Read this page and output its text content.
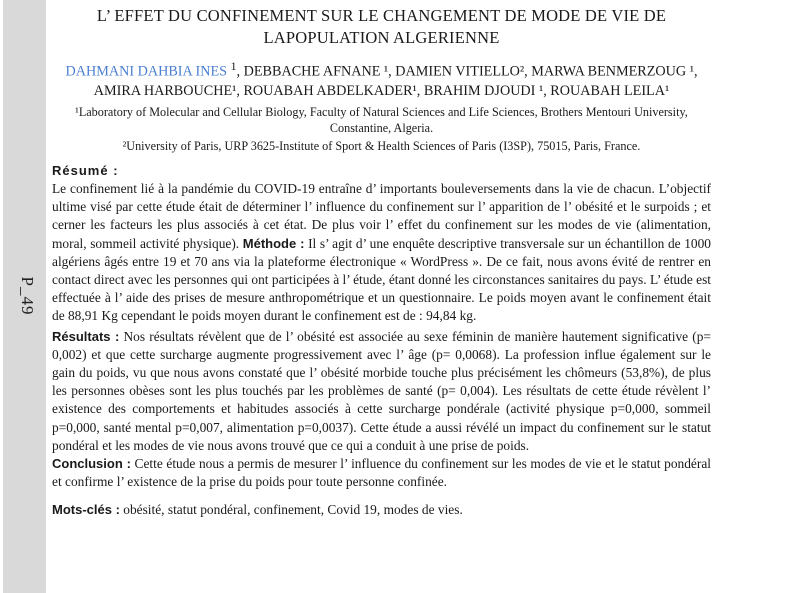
P_49
L’ EFFET DU CONFINEMENT SUR LE CHANGEMENT DE MODE DE VIE DE LAPOPULATION ALGERIENNE
DAHMANI DAHBIA INES $^1$, DEBBACHE AFNANE ¹, DAMIEN VITIELLO², MARWA BENMERZOUG ¹, AMIRA HARBOUCHE¹, ROUABAH ABDELKADER¹, BRAHIM DJOUDI ¹, ROUABAH LEILA¹
¹Laboratory of Molecular and Cellular Biology, Faculty of Natural Sciences and Life Sciences, Brothers Mentouri University, Constantine, Algeria.
²University of Paris, URP 3625-Institute of Sport & Health Sciences of Paris (I3SP), 75015, Paris, France.
Résumé :
Le confinement lié à la pandémie du COVID-19 entraîne d’ importants bouleversements dans la vie de chacun. L’objectif ultime visé par cette étude était de déterminer l’ influence du confinement sur l’ apparition de l’ obésité et le surpoids ; et cerner les facteurs les plus associés à cet état. De plus voir l’ effet du confinement sur les modes de vie (alimentation, moral, sommeil activité physique). Méthode : Il s’ agit d’ une enquête descriptive transversale sur un échantillon de 1000 algériens âgés entre 19 et 70 ans via la plateforme électronique « WordPress ». De ce fait, nous avons évité de rentrer en contact direct avec les personnes qui ont participées à l’ étude, étant donné les circonstances sanitaires du pays. L’ étude est effectuée à l’ aide des prises de mesure anthropométrique et un questionnaire. Le poids moyen avant le confinement était de 88,91 Kg cependant le poids moyen durant le confinement est de : 94,84 kg.
Résultats : Nos résultats révèlent que de l’ obésité est associée au sexe féminin de manière hautement significative (p= 0,002) et que cette surcharge augmente progressivement avec l’ âge (p= 0,0068). La profession influe également sur le gain du poids, vu que nous avons constaté que l’ obésité morbide touche plus précisément les chômeurs (53,8%), de plus les personnes obèses sont les plus touchés par les problèmes de santé (p= 0,004). Les résultats de cette étude révèlent l’ existence des comportements et habitudes associés à cette surcharge pondérale (activité physique p=0,000, sommeil p=0,000, santé mental p=0,007, alimentation p=0,0037). Cette étude a aussi révélé un impact du confinement sur le statut pondéral et les modes de vie nous avons trouvé que ce qui a conduit à une prise de poids.
Conclusion : Cette étude nous a permis de mesurer l’ influence du confinement sur les modes de vie et le statut pondéral et confirme l’ existence de la prise du poids pour toute personne confinée.
Mots-clés : obésité, statut pondéral, confinement, Covid 19, modes de vies.
